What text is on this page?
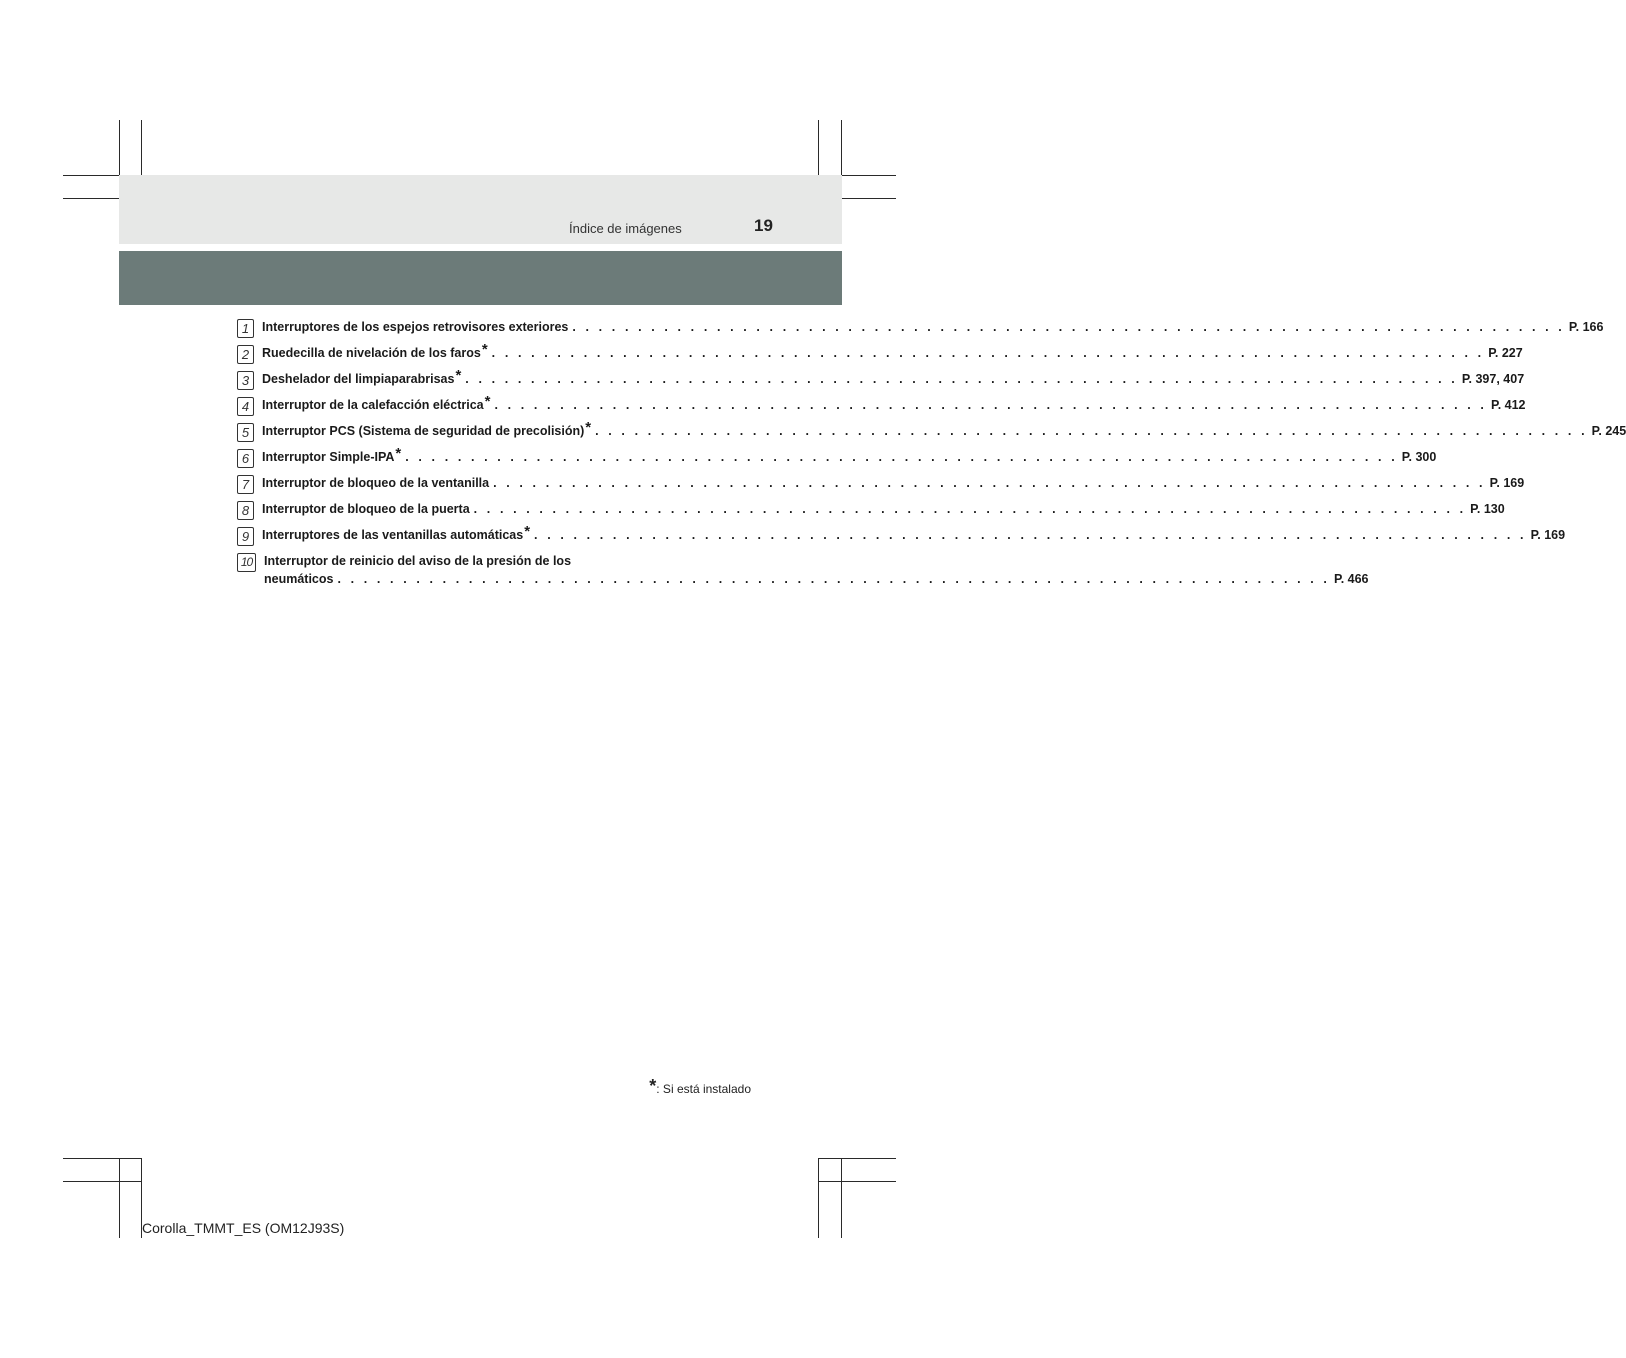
Índice de imágenes	19
1	Interruptores de los espejos retrovisores exteriores . . .	P. 166
2	Ruedecilla de nivelación de los faros * . . .	P. 227
3	Deshelador del limpiaparabrisas * . . .	P. 397, 407
4	Interruptor de la calefacción eléctrica * . . .	P. 412
5	Interruptor PCS (Sistema de seguridad de precolisión) * . . .	P. 245
6	Interruptor Simple-IPA * . . .	P. 300
7	Interruptor de bloqueo de la ventanilla . . .	P. 169
8	Interruptor de bloqueo de la puerta . . .	P. 130
9	Interruptores de las ventanillas automáticas * . . .	P. 169
10 Interruptor de reinicio del aviso de la presión de los
neumáticos . . .	P. 466
*: Si está instalado
Corolla_TMMT_ES (OM12J93S)
